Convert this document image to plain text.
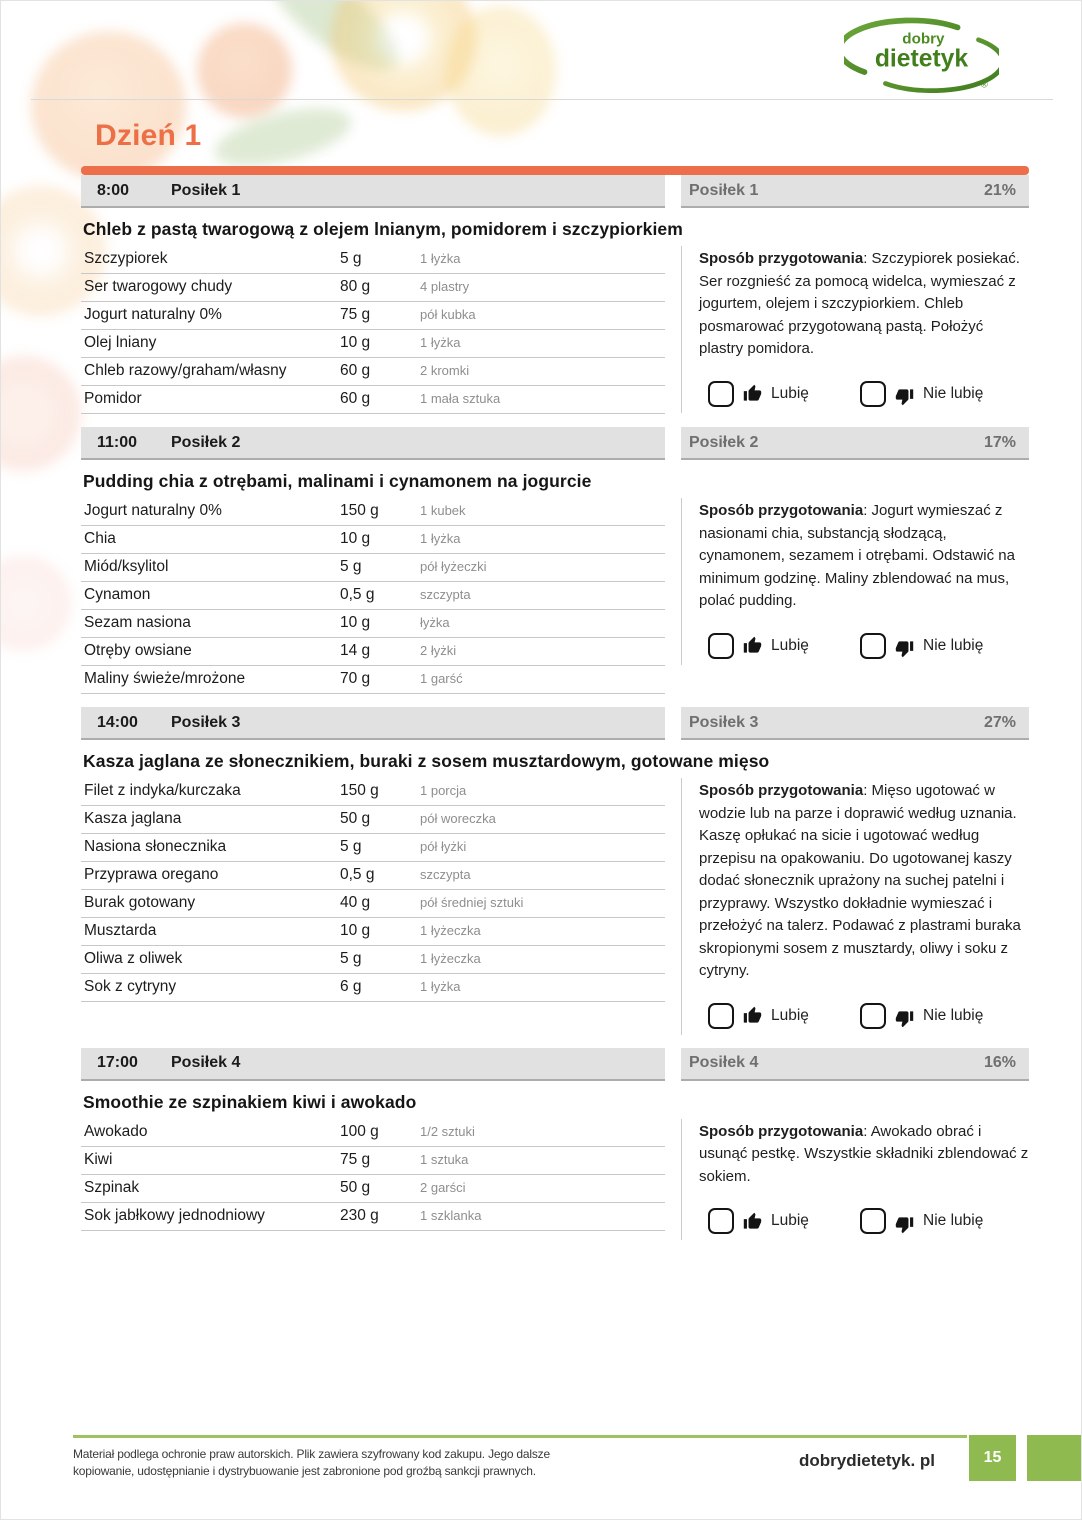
dobry
dietetyk
®
Dzień 1
8:00	Posiłek 1	Posiłek 1	21%
Chleb z pastą twarogową z olejem lnianym, pomidorem i szczypiorkiem
Szczypiorek	5 g	1 łyżka
Ser twarogowy chudy	80 g	4 plastry
Jogurt naturalny 0%	75 g	pół kubka
Olej lniany	10 g	1 łyżka
Chleb razowy/graham/własny	60 g	2 kromki
Pomidor	60 g	1 mała sztuka

Sposób przygotowania: Szczypiorek posiekać. Ser rozgnieść za pomocą widelca, wymieszać z jogurtem, olejem i szczypiorkiem. Chleb posmarować przygotowaną pastą. Położyć plastry pomidora.

Lubię	Nie lubię
11:00	Posiłek 2	Posiłek 2	17%
Pudding chia z otrębami, malinami i cynamonem na jogurcie
Jogurt naturalny 0%	150 g	1 kubek
Chia	10 g	1 łyżka
Miód/ksylitol	5 g	pół łyżeczki
Cynamon	0,5 g	szczypta
Sezam nasiona	10 g	łyżka
Otręby owsiane	14 g	2 łyżki
Maliny świeże/mrożone	70 g	1 garść

Sposób przygotowania: Jogurt wymieszać z nasionami chia, substancją słodzącą, cynamonem, sezamem i otrębami. Odstawić na minimum godzinę. Maliny zblendować na mus, polać pudding.

Lubię	Nie lubię
14:00	Posiłek 3	Posiłek 3	27%
Kasza jaglana ze słonecznikiem, buraki z sosem musztardowym, gotowane mięso
Filet z indyka/kurczaka	150 g	1 porcja
Kasza jaglana	50 g	pół woreczka
Nasiona słonecznika	5 g	pół łyżki
Przyprawa oregano	0,5 g	szczypta
Burak gotowany	40 g	pół średniej sztuki
Musztarda	10 g	1 łyżeczka
Oliwa z oliwek	5 g	1 łyżeczka
Sok z cytryny	6 g	1 łyżka

Sposób przygotowania: Mięso ugotować w wodzie lub na parze i doprawić według uznania. Kaszę opłukać na sicie i ugotować według przepisu na opakowaniu. Do ugotowanej kaszy dodać słonecznik uprażony na suchej patelni i przyprawy. Wszystko dokładnie wymieszać i przełożyć na talerz. Podawać z plastrami buraka skropionymi sosem z musztardy, oliwy i soku z cytryny.

Lubię	Nie lubię
17:00	Posiłek 4	Posiłek 4	16%
Smoothie ze szpinakiem kiwi i awokado
Awokado	100 g	1/2 sztuki
Kiwi	75 g	1 sztuka
Szpinak	50 g	2 garści
Sok jabłkowy jednodniowy	230 g	1 szklanka

Sposób przygotowania: Awokado obrać i usunąć pestkę. Wszystkie składniki zblendować z sokiem.

Lubię	Nie lubię
Materiał podlega ochronie praw autorskich. Plik zawiera szyfrowany kod zakupu. Jego dalsze
kopiowanie, udostępnianie i dystrybuowanie jest zabronione pod groźbą sankcji prawnych.
dobrydietetyk. pl	15
